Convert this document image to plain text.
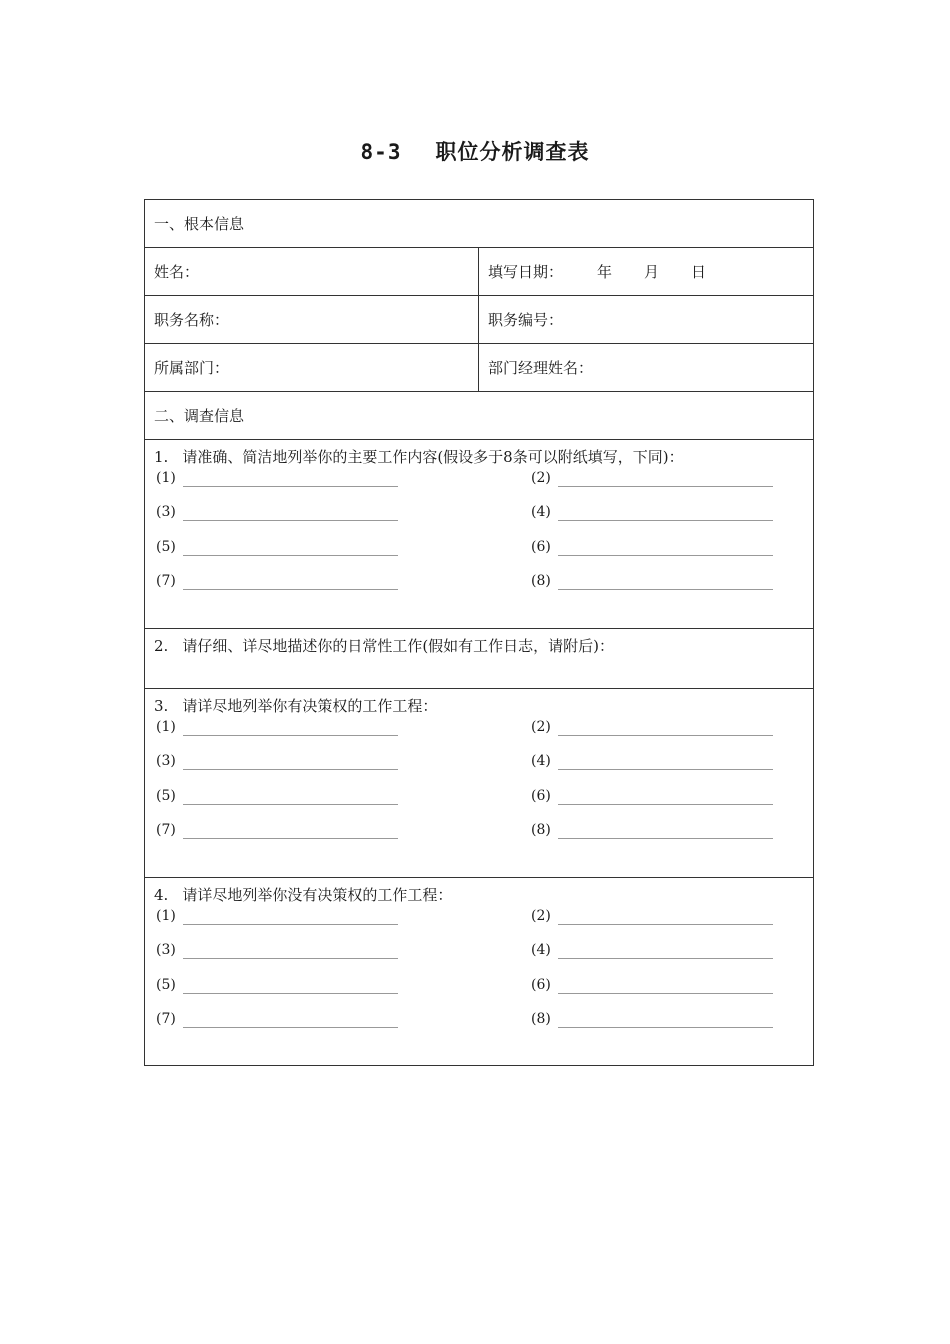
8-3 职位分析调查表
一、根本信息
姓名：	填写日期： 年 月 日
职务名称：	职务编号：
所属部门：	部门经理姓名：
二、调查信息
1. 请准确、简洁地列举你的主要工作内容(假设多于8条可以附纸填写，下同)：
(1)	(2)
(3)	(4)
(5)	(6)
(7)	(8)
2. 请仔细、详尽地描述你的日常性工作(假如有工作日志，请附后)：
3. 请详尽地列举你有决策权的工作工程：
(1)	(2)
(3)	(4)
(5)	(6)
(7)	(8)
4. 请详尽地列举你没有决策权的工作工程：
(1)	(2)
(3)	(4)
(5)	(6)
(7)	(8)
